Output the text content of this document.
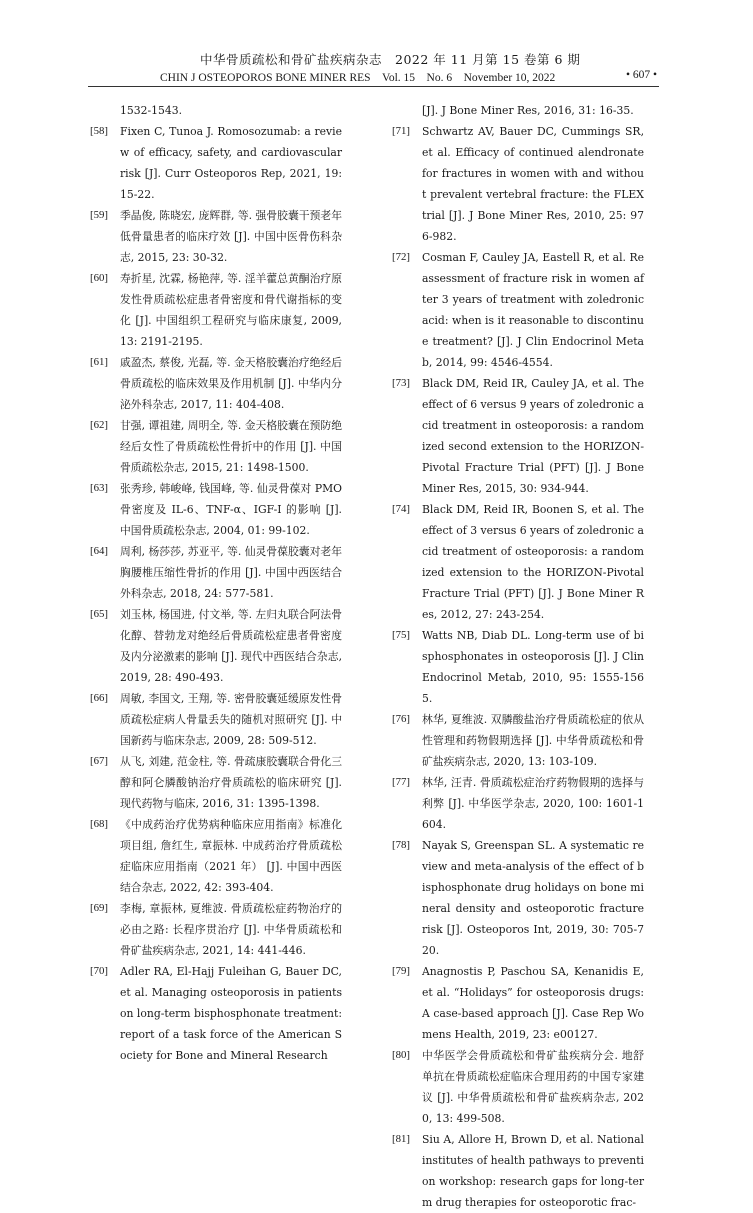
中华骨质疏松和骨矿盐疾病杂志　2022 年 11 月第 15 卷第 6 期
CHIN J OSTEOPOROS BONE MINER RES　Vol. 15　No. 6　November 10, 2022	• 607 •

1532-1543.

[58] Fixen C, Tunoa J. Romosozumab: a review of efficacy, safety, and cardiovascular risk [J]. Curr Osteoporos Rep, 2021, 19: 15-22.

[59] 季晶俊, 陈晓宏, 庞辉群, 等. 强骨胶囊干预老年低骨量患者的临床疗效 [J]. 中国中医骨伤科杂志, 2015, 23: 30-32.

[60] 寿折星, 沈霖, 杨艳萍, 等. 淫羊藿总黄酮治疗原发性骨质疏松症患者骨密度和骨代谢指标的变化 [J]. 中国组织工程研究与临床康复, 2009, 13: 2191-2195.

[61] 戚盈杰, 蔡俊, 光磊, 等. 金天格胶囊治疗绝经后骨质疏松的临床效果及作用机制 [J]. 中华内分泌外科杂志, 2017, 11: 404-408.

[62] 甘强, 谭祖建, 周明全, 等. 金天格胶囊在预防绝经后女性了骨质疏松性骨折中的作用 [J]. 中国骨质疏松杂志, 2015, 21: 1498-1500.

[63] 张秀珍, 韩峻峰, 钱国峰, 等. 仙灵骨葆对 PMO 骨密度及 IL-6、TNF-α、IGF-I 的影响 [J]. 中国骨质疏松杂志, 2004, 01: 99-102.

[64] 周利, 杨莎莎, 苏亚平, 等. 仙灵骨葆胶囊对老年胸腰椎压缩性骨折的作用 [J]. 中国中西医结合外科杂志, 2018, 24: 577-581.

[65] 刘玉林, 杨国进, 付文举, 等. 左归丸联合阿法骨化醇、替勃龙对绝经后骨质疏松症患者骨密度及内分泌激素的影响 [J]. 现代中西医结合杂志, 2019, 28: 490-493.

[66] 周敏, 李国文, 王翔, 等. 密骨胶囊延缓原发性骨质疏松症病人骨量丢失的随机对照研究 [J]. 中国新药与临床杂志, 2009, 28: 509-512.

[67] 从飞, 刘建, 范金柱, 等. 骨疏康胶囊联合骨化三醇和阿仑膦酸钠治疗骨质疏松的临床研究 [J]. 现代药物与临床, 2016, 31: 1395-1398.

[68] 《中成药治疗优势病种临床应用指南》标准化项目组, 詹红生, 章振林. 中成药治疗骨质疏松症临床应用指南（2021 年） [J]. 中国中西医结合杂志, 2022, 42: 393-404.

[69] 李梅, 章振林, 夏维波. 骨质疏松症药物治疗的必由之路: 长程序贯治疗 [J]. 中华骨质疏松和骨矿盐疾病杂志, 2021, 14: 441-446.

[70] Adler RA, El-Hajj Fuleihan G, Bauer DC, et al. Managing osteoporosis in patients on long-term bisphosphonate treatment: report of a task force of the American Society for Bone and Mineral Research

[J]. J Bone Miner Res, 2016, 31: 16-35.

[71] Schwartz AV, Bauer DC, Cummings SR, et al. Efficacy of continued alendronate for fractures in women with and without prevalent vertebral fracture: the FLEX trial [J]. J Bone Miner Res, 2010, 25: 976-982.

[72] Cosman F, Cauley JA, Eastell R, et al. Reassessment of fracture risk in women after 3 years of treatment with zoledronic acid: when is it reasonable to discontinue treatment? [J]. J Clin Endocrinol Metab, 2014, 99: 4546-4554.

[73] Black DM, Reid IR, Cauley JA, et al. The effect of 6 versus 9 years of zoledronic acid treatment in osteoporosis: a randomized second extension to the HORIZON-Pivotal Fracture Trial (PFT) [J]. J Bone Miner Res, 2015, 30: 934-944.

[74] Black DM, Reid IR, Boonen S, et al. The effect of 3 versus 6 years of zoledronic acid treatment of osteoporosis: a randomized extension to the HORIZON-Pivotal Fracture Trial (PFT) [J]. J Bone Miner Res, 2012, 27: 243-254.

[75] Watts NB, Diab DL. Long-term use of bisphosphonates in osteoporosis [J]. J Clin Endocrinol Metab, 2010, 95: 1555-1565.

[76] 林华, 夏维波. 双膦酸盐治疗骨质疏松症的依从性管理和药物假期选择 [J]. 中华骨质疏松和骨矿盐疾病杂志, 2020, 13: 103-109.

[77] 林华, 汪青. 骨质疏松症治疗药物假期的选择与利弊 [J]. 中华医学杂志, 2020, 100: 1601-1604.

[78] Nayak S, Greenspan SL. A systematic review and meta-analysis of the effect of bisphosphonate drug holidays on bone mineral density and osteoporotic fracture risk [J]. Osteoporos Int, 2019, 30: 705-720.

[79] Anagnostis P, Paschou SA, Kenanidis E, et al. “Holidays” for osteoporosis drugs: A case-based approach [J]. Case Rep Womens Health, 2019, 23: e00127.

[80] 中华医学会骨质疏松和骨矿盐疾病分会. 地舒单抗在骨质疏松症临床合理用药的中国专家建议 [J]. 中华骨质疏松和骨矿盐疾病杂志, 2020, 13: 499-508.

[81] Siu A, Allore H, Brown D, et al. National institutes of health pathways to prevention workshop: research gaps for long-term drug therapies for osteoporotic frac-
